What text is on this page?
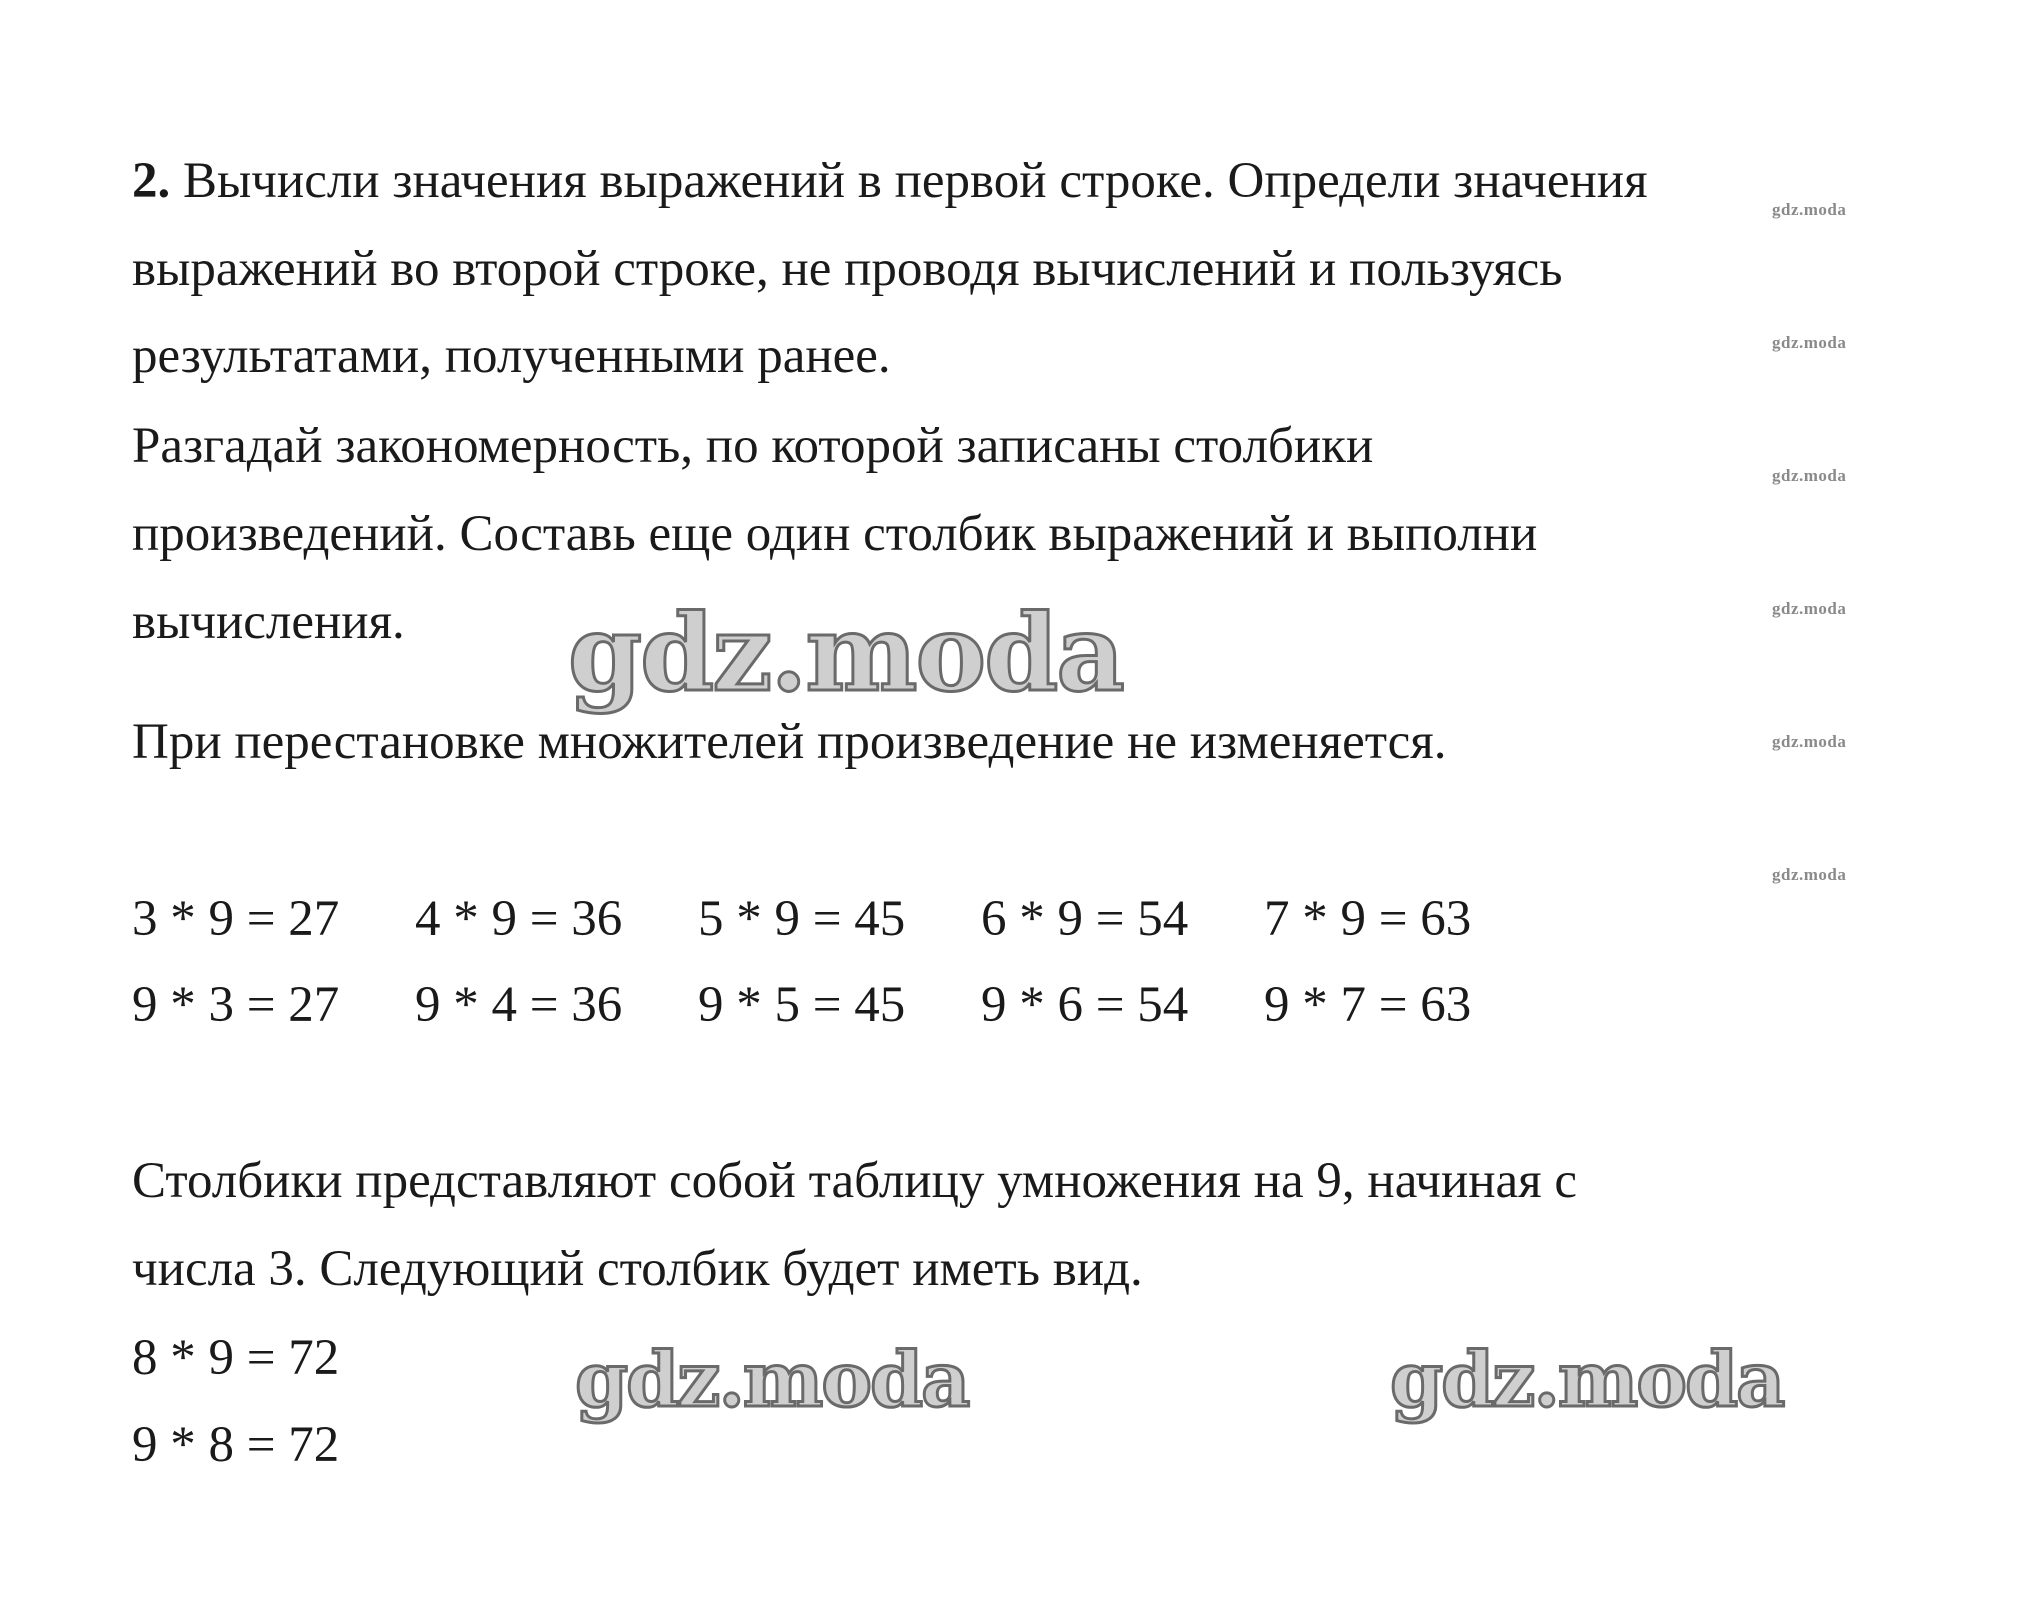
2. Вычисли значения выражений в первой строке. Определи значения
выражений во второй строке, не проводя вычислений и пользуясь
результатами, полученными ранее.
Разгадай закономерность, по которой записаны столбики
произведений. Составь еще один столбик выражений и выполни
вычисления.
При перестановке множителей произведение не изменяется.
3 * 9 = 27 4 * 9 = 36 5 * 9 = 45 6 * 9 = 54 7 * 9 = 63
9 * 3 = 27 9 * 4 = 36 9 * 5 = 45 9 * 6 = 54 9 * 7 = 63
Столбики представляют собой таблицу умножения на 9, начиная с
числа 3. Следующий столбик будет иметь вид.
8 * 9 = 72
9 * 8 = 72
gdz.moda
gdz.moda
gdz.moda
gdz.moda
gdz.moda
gdz.moda
gdz.moda
gdz.moda	gdz.moda
